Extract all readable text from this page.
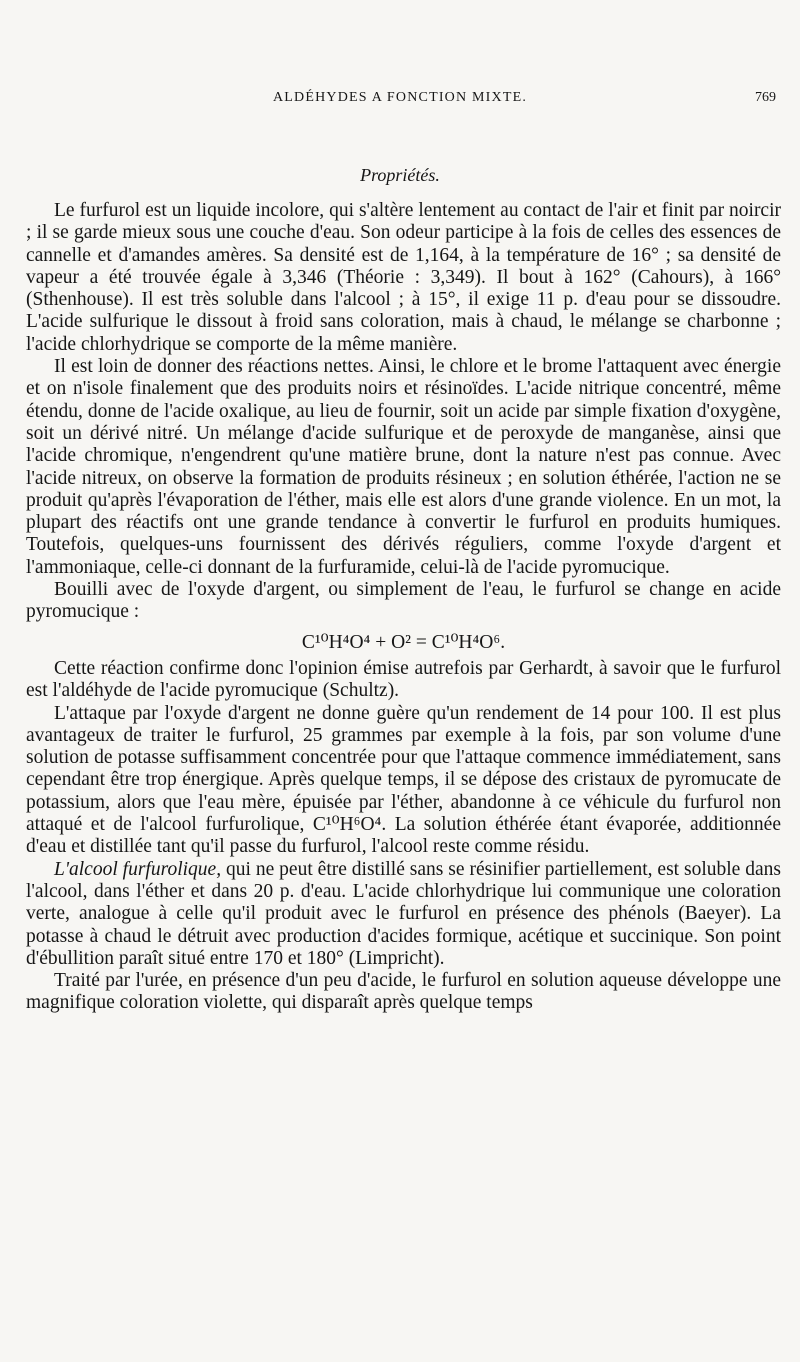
ALDÉHYDES A FONCTION MIXTE.	769
Propriétés.

Le furfurol est un liquide incolore, qui s'altère lentement au contact de l'air et finit par noircir ; il se garde mieux sous une couche d'eau. Son odeur participe à la fois de celles des essences de cannelle et d'amandes amères. Sa densité est de 1,164, à la température de 16° ; sa densité de vapeur a été trouvée égale à 3,346 (Théorie : 3,349). Il bout à 162° (Cahours), à 166° (Sthenhouse). Il est très soluble dans l'alcool ; à 15°, il exige 11 p. d'eau pour se dissoudre. L'acide sulfurique le dissout à froid sans coloration, mais à chaud, le mélange se charbonne ; l'acide chlorhydrique se comporte de la même manière.

Il est loin de donner des réactions nettes. Ainsi, le chlore et le brome l'attaquent avec énergie et on n'isole finalement que des produits noirs et résinoïdes. L'acide nitrique concentré, même étendu, donne de l'acide oxalique, au lieu de fournir, soit un acide par simple fixation d'oxygène, soit un dérivé nitré. Un mélange d'acide sulfurique et de peroxyde de manganèse, ainsi que l'acide chromique, n'engendrent qu'une matière brune, dont la nature n'est pas connue. Avec l'acide nitreux, on observe la formation de produits résineux ; en solution éthérée, l'action ne se produit qu'après l'évaporation de l'éther, mais elle est alors d'une grande violence. En un mot, la plupart des réactifs ont une grande tendance à convertir le furfurol en produits humiques. Toutefois, quelques-uns fournissent des dérivés réguliers, comme l'oxyde d'argent et l'ammoniaque, celle-ci donnant de la furfuramide, celui-là de l'acide pyromucique.

Bouilli avec de l'oxyde d'argent, ou simplement de l'eau, le furfurol se change en acide pyromucique :

C¹⁰H⁴O⁴ + O² = C¹⁰H⁴O⁶.

Cette réaction confirme donc l'opinion émise autrefois par Gerhardt, à savoir que le furfurol est l'aldéhyde de l'acide pyromucique (Schultz).

L'attaque par l'oxyde d'argent ne donne guère qu'un rendement de 14 pour 100. Il est plus avantageux de traiter le furfurol, 25 grammes par exemple à la fois, par son volume d'une solution de potasse suffisamment concentrée pour que l'attaque commence immédiatement, sans cependant être trop énergique. Après quelque temps, il se dépose des cristaux de pyromucate de potassium, alors que l'eau mère, épuisée par l'éther, abandonne à ce véhicule du furfurol non attaqué et de l'alcool furfurolique, C¹⁰H⁶O⁴. La solution éthérée étant évaporée, additionnée d'eau et distillée tant qu'il passe du furfurol, l'alcool reste comme résidu.

L'alcool furfurolique, qui ne peut être distillé sans se résinifier partiellement, est soluble dans l'alcool, dans l'éther et dans 20 p. d'eau. L'acide chlorhydrique lui communique une coloration verte, analogue à celle qu'il produit avec le furfurol en présence des phénols (Baeyer). La potasse à chaud le détruit avec production d'acides formique, acétique et succinique. Son point d'ébullition paraît situé entre 170 et 180° (Limpricht).

Traité par l'urée, en présence d'un peu d'acide, le furfurol en solution aqueuse développe une magnifique coloration violette, qui disparaît après quelque temps
